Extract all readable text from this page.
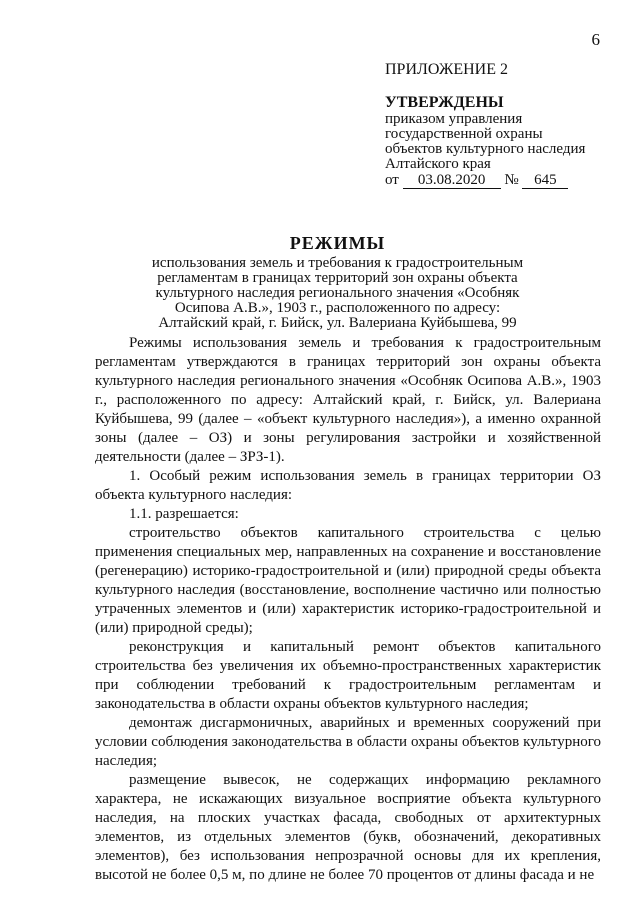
6
ПРИЛОЖЕНИЕ 2
УТВЕРЖДЕНЫ
приказом управления
государственной охраны
объектов культурного наследия
Алтайского края
от 03.08.2020 № 645
РЕЖИМЫ
использования земель и требования к градостроительным
регламентам в границах территорий зон охраны объекта
культурного наследия регионального значения «Особняк
Осипова А.В.», 1903 г., расположенного по адресу:
Алтайский край, г. Бийск, ул. Валериана Куйбышева, 99

Режимы использования земель и требования к градостроительным регламентам утверждаются в границах территорий зон охраны объекта культурного наследия регионального значения «Особняк Осипова А.В.», 1903 г., расположенного по адресу: Алтайский край, г. Бийск, ул. Валериана Куйбышева, 99 (далее – «объект культурного наследия»), а именно охранной зоны (далее – ОЗ) и зоны регулирования застройки и хозяйственной деятельности (далее – ЗРЗ-1).

1. Особый режим использования земель в границах территории ОЗ объекта культурного наследия:

1.1. разрешается:

строительство объектов капитального строительства с целью применения специальных мер, направленных на сохранение и восстановление (регенерацию) историко-градостроительной и (или) природной среды объекта культурного наследия (восстановление, восполнение частично или полностью утраченных элементов и (или) характеристик историко-градостроительной и (или) природной среды);

реконструкция и капитальный ремонт объектов капитального строительства без увеличения их объемно-пространственных характеристик при соблюдении требований к градостроительным регламентам и законодательства в области охраны объектов культурного наследия;

демонтаж дисгармоничных, аварийных и временных сооружений при условии соблюдения законодательства в области охраны объектов культурного наследия;

размещение вывесок, не содержащих информацию рекламного характера, не искажающих визуальное восприятие объекта культурного наследия, на плоских участках фасада, свободных от архитектурных элементов, из отдельных элементов (букв, обозначений, декоративных элементов), без использования непрозрачной основы для их крепления, высотой не более 0,5 м, по длине не более 70 процентов от длины фасада и не
